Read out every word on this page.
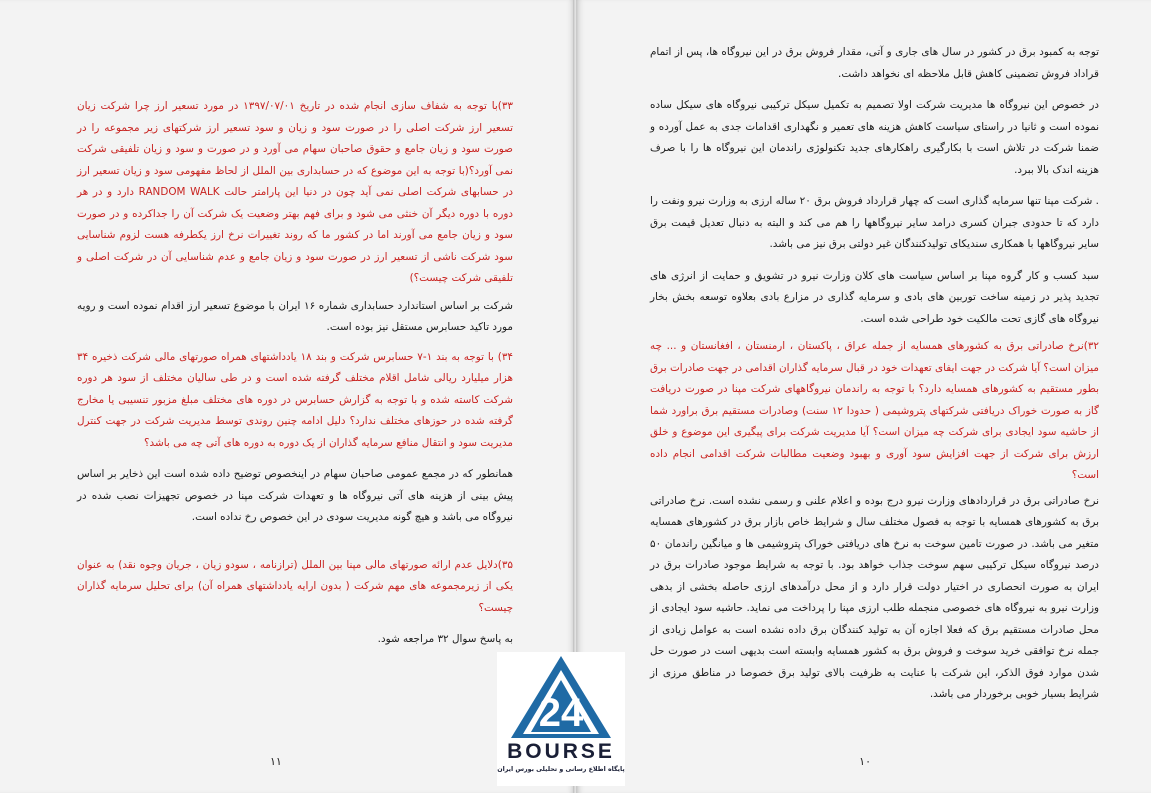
۳۳)با توجه به شفاف سازی انجام شده در تاریخ ۱۳۹۷/۰۷/۰۱ در مورد تسعیر ارز چرا شرکت زیان تسعیر ارز شرکت اصلی را در صورت سود و زیان و سود تسعیر ارز شرکتهای زیر مجموعه را در صورت سود و زیان جامع و حقوق صاحبان سهام می آورد و در صورت و سود و زیان تلفیقی شرکت نمی آورد؟(با توجه به این موضوع که در حسابداری بین الملل از لحاظ مفهومی سود و زیان تسعیر ارز در حسابهای شرکت اصلی نمی آید چون در دنیا این پارامتر حالت RANDOM WALK دارد و در هر دوره با دوره دیگر آن خنثی می شود و برای فهم بهتر وضعیت یک شرکت آن را جداکرده و در صورت سود و زیان جامع می آورند اما در کشور ما که روند تغییرات نرخ ارز یکطرفه هست لزوم شناسایی سود شرکت ناشی از تسعیر ارز در صورت سود و زیان جامع و عدم شناسایی آن در شرکت اصلی و تلفیقی شرکت چیست؟)

شرکت بر اساس استاندارد حسابداری شماره ۱۶ ایران با موضوع تسعیر ارز اقدام نموده است و رویه مورد تاکید حسابرس مستقل نیز بوده است.

۳۴) با توجه به بند ۱-۷ حسابرس شرکت و بند ۱۸ یادداشتهای همراه صورتهای مالی شرکت ذخیره ۳۴ هزار میلیارد ریالی شامل اقلام مختلف گرفته شده است و در طی سالیان مختلف از سود هر دوره شرکت کاسته شده و با توجه به گزارش حسابرس در دوره های مختلف مبلغ مزبور تنسیبی یا مخارج گرفته شده در حوزهای مختلف ندارد؟ دلیل ادامه چنین روندی توسط مدیریت شرکت در جهت کنترل مدیریت سود و انتقال منافع سرمایه گذاران از یک دوره به دوره های آتی چه می باشد؟

همانطور که در مجمع عمومی صاحبان سهام در اینخصوص توضیح داده شده است این ذخایر بر اساس پیش بینی از هزینه های آتی نیروگاه ها و تعهدات شرکت مپنا در خصوص تجهیزات نصب شده در نیروگاه می باشد و هیچ گونه مدیریت سودی در این خصوص رخ نداده است.

۳۵)دلایل عدم ارائه صورتهای مالی مپنا بین الملل (ترازنامه ، سودو زیان ، جریان وجوه نقد) به عنوان یکی از زیرمجموعه های مهم شرکت ( بدون ارایه یادداشتهای همراه آن) برای تحلیل سرمایه گذاران چیست؟

به پاسخ سوال ۳۲ مراجعه شود.

۱۱

توجه به کمبود برق در کشور در سال های جاری و آتی، مقدار فروش برق در این نیروگاه ها، پس از اتمام قراداد فروش تضمینی کاهش قابل ملاحظه ای نخواهد داشت.

در خصوص این نیروگاه ها مدیریت شرکت اولا تصمیم به تکمیل سیکل ترکیبی نیروگاه های سیکل ساده نموده است و ثانیا در راستای سیاست کاهش هزینه های تعمیر و نگهداری اقدامات جدی به عمل آورده و ضمنا شرکت در تلاش است با بکارگیری راهکارهای جدید تکنولوژی راندمان این نیروگاه ها را با صرف هزینه اندک بالا ببرد.

. شرکت مپنا تنها سرمایه گذاری است که چهار قرارداد فروش برق ۲۰ ساله ارزی به وزارت نیرو ونفت را دارد که تا حدودی جبران کسری درامد سایر نیروگاهها را هم می کند و البته به دنبال تعدیل قیمت برق سایر نیروگاهها با همکاری سندیکای تولیدکنندگان غیر دولتی برق نیز می باشد.

سبد کسب و کار گروه مپنا بر اساس سیاست های کلان وزارت نیرو در تشویق و حمایت از انرژی های تجدید پذیر در زمینه ساخت توربین های بادی و سرمایه گذاری در مزارع بادی بعلاوه توسعه بخش بخار نیروگاه های گازی تحت مالکیت خود طراحی شده است.

۳۲)نرخ صادراتی برق به کشورهای همسایه از جمله عراق ، پاکستان ، ارمنستان ، افغانستان و ... چه میزان است؟ آیا شرکت در جهت ایفای تعهدات خود در قبال سرمایه گذاران اقدامی در جهت صادرات برق بطور مستقیم به کشورهای همسایه دارد؟ با توجه به راندمان نیروگاههای شرکت مپنا در صورت دریافت گاز به صورت خوراک دریافتی شرکتهای پتروشیمی ( حدودا ۱۲ سنت) وصادرات مستقیم برق براورد شما از حاشیه سود ایجادی برای شرکت چه میزان است؟ آیا مدیریت شرکت برای پیگیری این موضوع و خلق ارزش برای شرکت از جهت افزایش سود آوری و بهبود وضعیت مطالبات شرکت اقدامی انجام داده است؟

نرخ صادراتی برق در قراردادهای وزارت نیرو درج بوده و اعلام علنی و رسمی نشده است. نرخ صادراتی برق به کشورهای همسایه با توجه به فصول مختلف سال و شرایط خاص بازار برق در کشورهای همسایه متغیر می باشد. در صورت تامین سوخت به نرخ های دریافتی خوراک پتروشیمی ها و میانگین راندمان ۵۰ درصد نیروگاه سیکل ترکیبی سهم سوخت جذاب خواهد بود. با توجه به شرایط موجود صادرات برق در ایران به صورت انحصاری در اختیار دولت قرار دارد و از محل درآمدهای ارزی حاصله بخشی از بدهی وزارت نیرو به نیروگاه های خصوصی منجمله طلب ارزی مپنا را پرداخت می نماید. حاشیه سود ایجادی از محل صادرات مستقیم برق که فعلا اجازه آن به تولید کنندگان برق داده نشده است به عوامل زیادی از جمله نرخ توافقی خرید سوخت و فروش برق به کشور همسایه وابسته است بدیهی است در صورت حل شدن موارد فوق الذکر، این شرکت با عنایت به ظرفیت بالای تولید برق خصوصا در مناطق مرزی از شرایط بسیار خوبی برخوردار می باشد.

۱۰
24
BOURSE
پایگاه اطلاع رسانی و تحلیلی بورس ایران
